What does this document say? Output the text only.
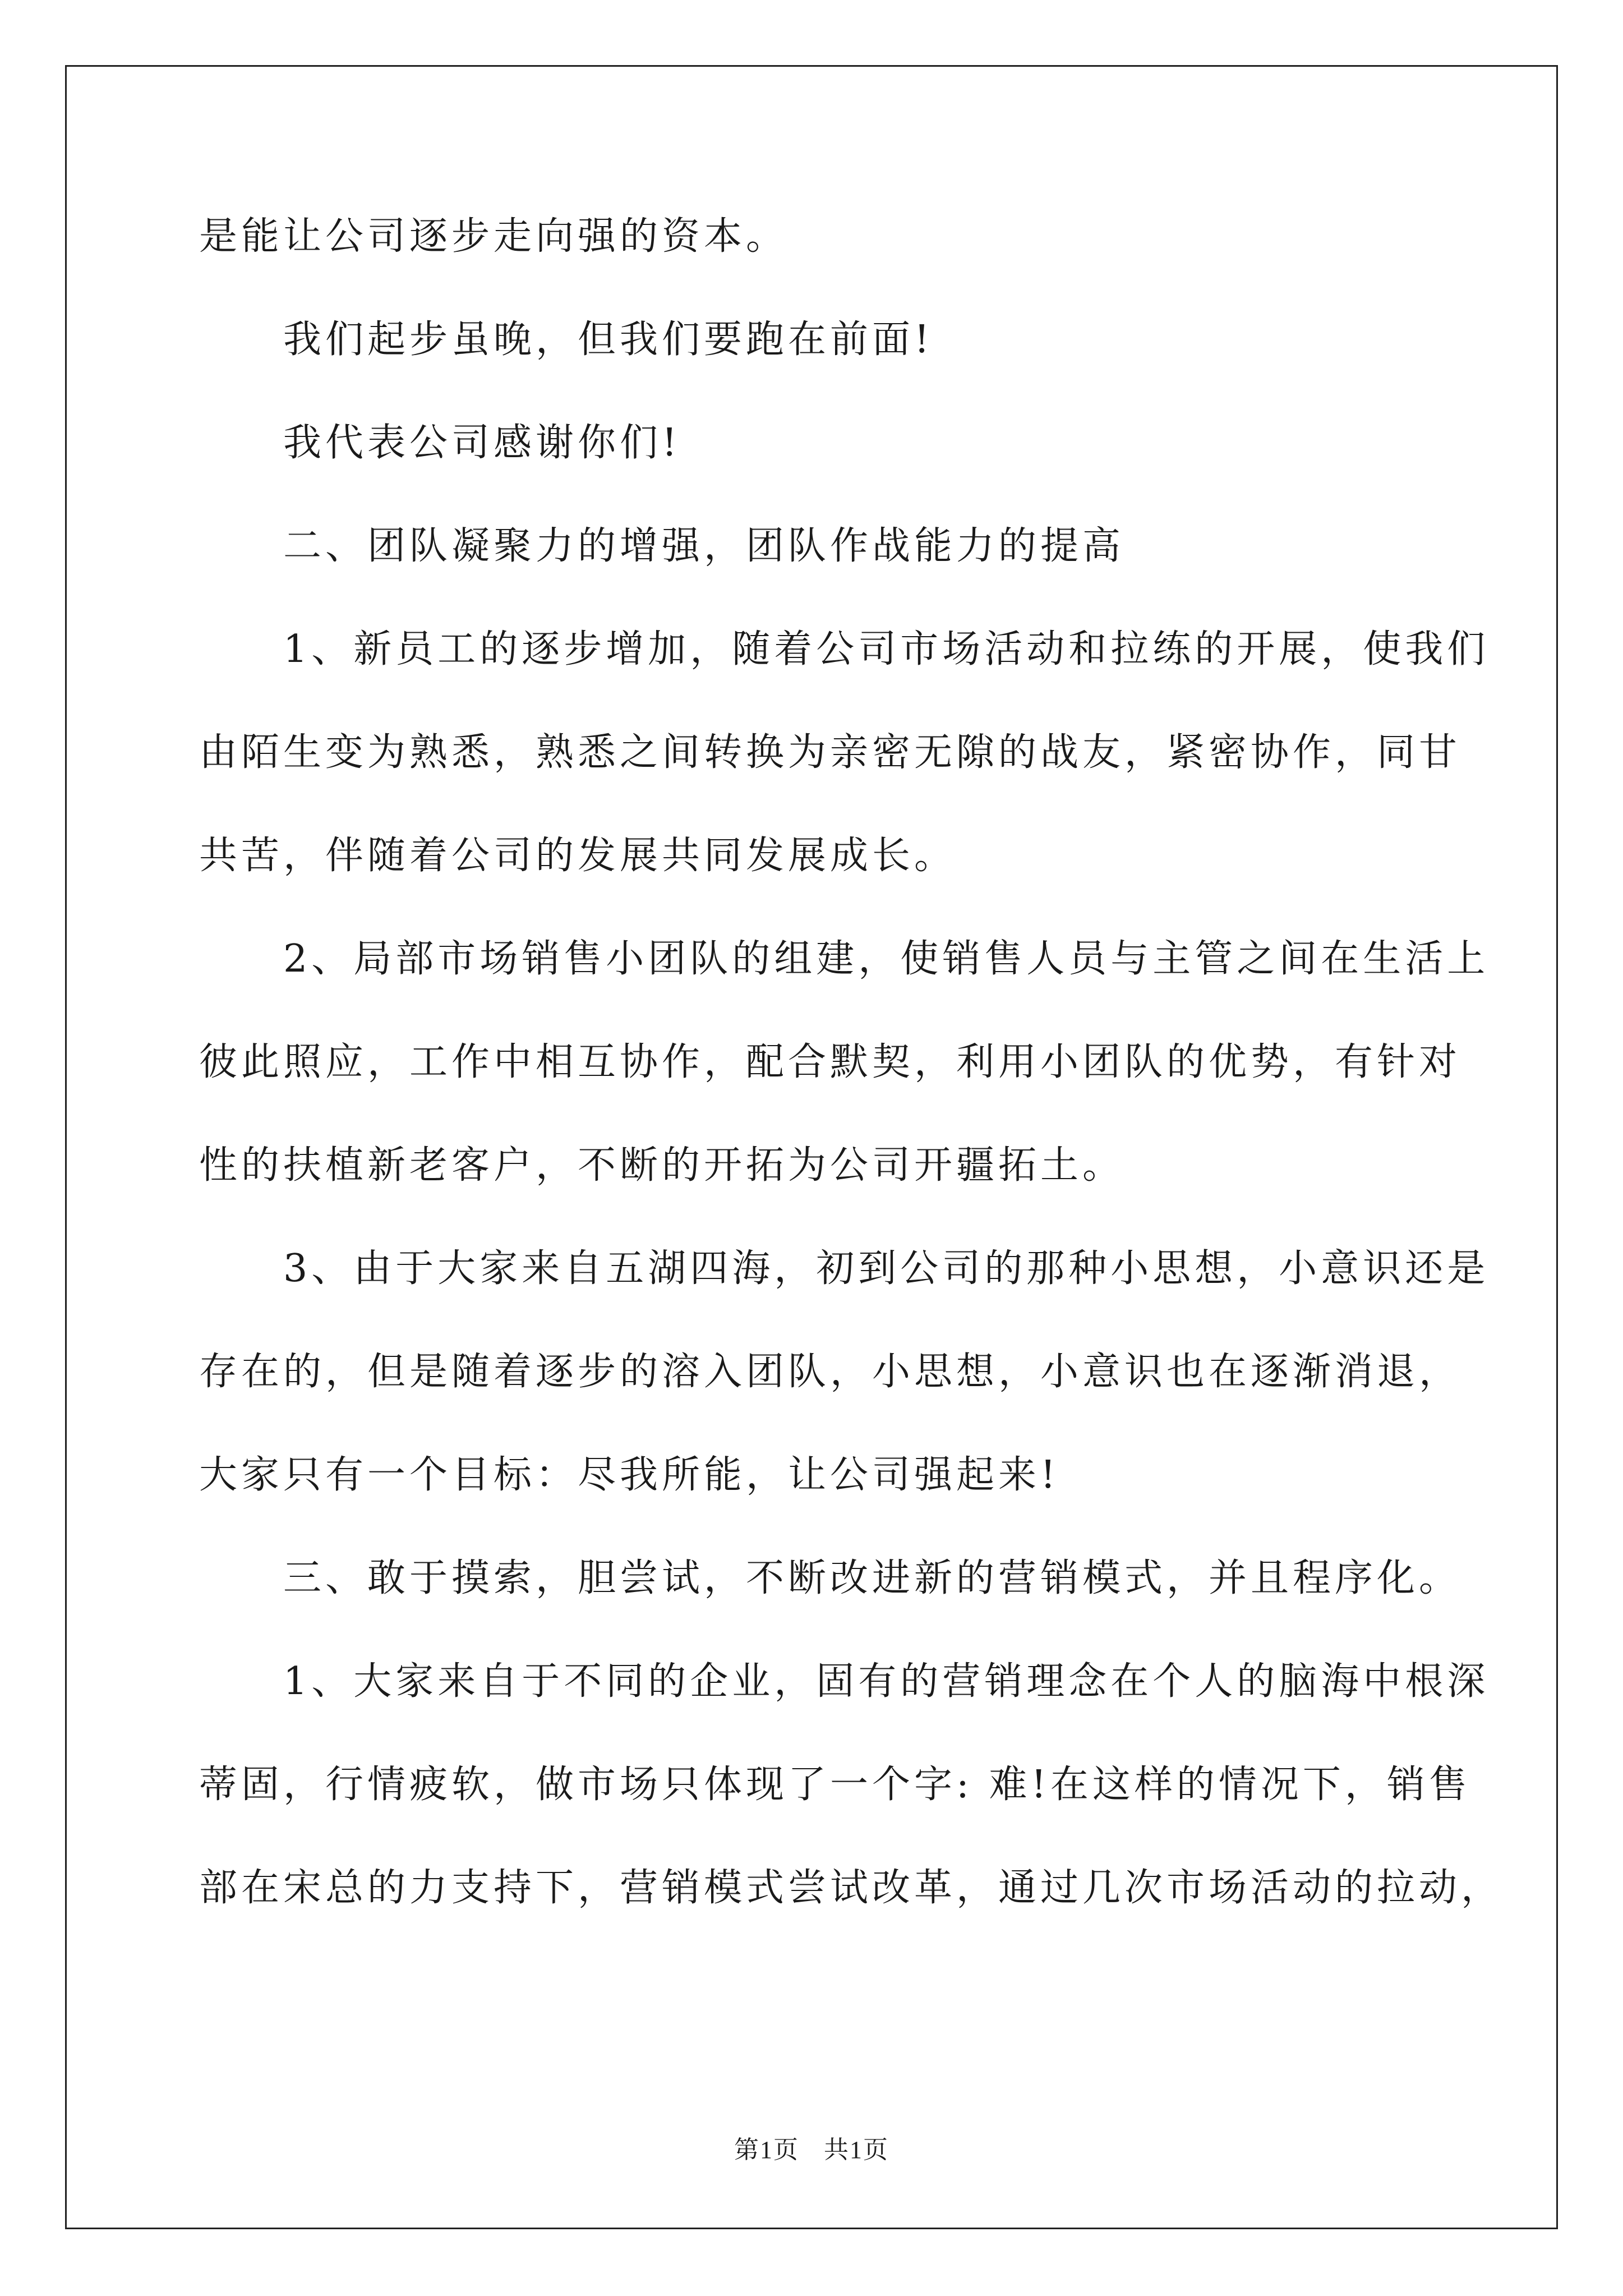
是能让公司逐步走向强的资本。

我们起步虽晚，但我们要跑在前面!

我代表公司感谢你们!

二、团队凝聚力的增强，团队作战能力的提高

1、新员工的逐步增加，随着公司市场活动和拉练的开展，使我们

由陌生变为熟悉，熟悉之间转换为亲密无隙的战友，紧密协作，同甘

共苦，伴随着公司的发展共同发展成长。

2、局部市场销售小团队的组建，使销售人员与主管之间在生活上

彼此照应，工作中相互协作，配合默契，利用小团队的优势，有针对

性的扶植新老客户，不断的开拓为公司开疆拓土。

3、由于大家来自五湖四海，初到公司的那种小思想，小意识还是

存在的，但是随着逐步的溶入团队，小思想，小意识也在逐渐消退，

大家只有一个目标：尽我所能，让公司强起来!

三、敢于摸索，胆尝试，不断改进新的营销模式，并且程序化。

1、大家来自于不同的企业，固有的营销理念在个人的脑海中根深

蒂固，行情疲软，做市场只体现了一个字: 难!在这样的情况下，销售

部在宋总的力支持下，营销模式尝试改革，通过几次市场活动的拉动，

第1页 共1页
